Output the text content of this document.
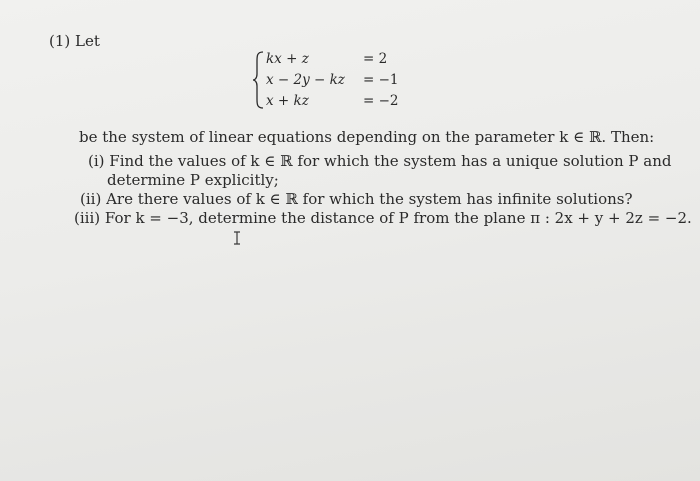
(1) Let
kx + z	= 2
x − 2y − kz = −1
x + kz	= −2
be the system of linear equations depending on the parameter k ∈ ℝ. Then:
(i) Find the values of k ∈ ℝ for which the system has a unique solution P and
determine P explicitly;
(ii) Are there values of k ∈ ℝ for which the system has infinite solutions?
(iii) For k = −3, determine the distance of P from the plane π : 2x + y + 2z = −2.
